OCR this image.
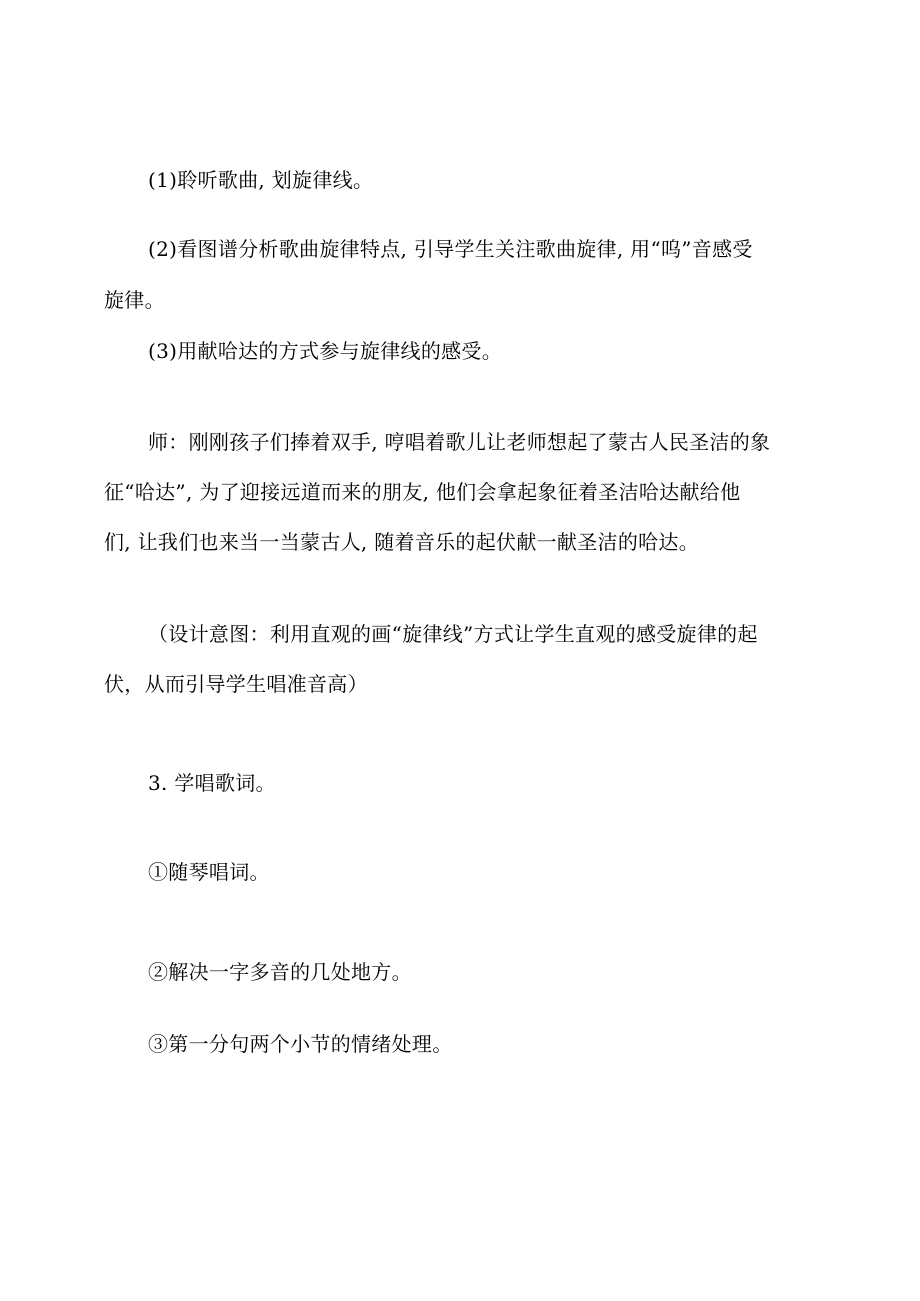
(1)聆听歌曲, 划旋律线。
(2)看图谱分析歌曲旋律特点, 引导学生关注歌曲旋律, 用“呜”音感受
旋律。
(3)用献哈达的方式参与旋律线的感受。
师：刚刚孩子们捧着双手, 哼唱着歌儿让老师想起了蒙古人民圣洁的象
征“哈达”, 为了迎接远道而来的朋友, 他们会拿起象征着圣洁哈达献给他
们, 让我们也来当一当蒙古人, 随着音乐的起伏献一献圣洁的哈达。
（设计意图：利用直观的画“旋律线”方式让学生直观的感受旋律的起
伏，从而引导学生唱准音高）
3. 学唱歌词。
①随琴唱词。
②解决一字多音的几处地方。
③第一分句两个小节的情绪处理。
